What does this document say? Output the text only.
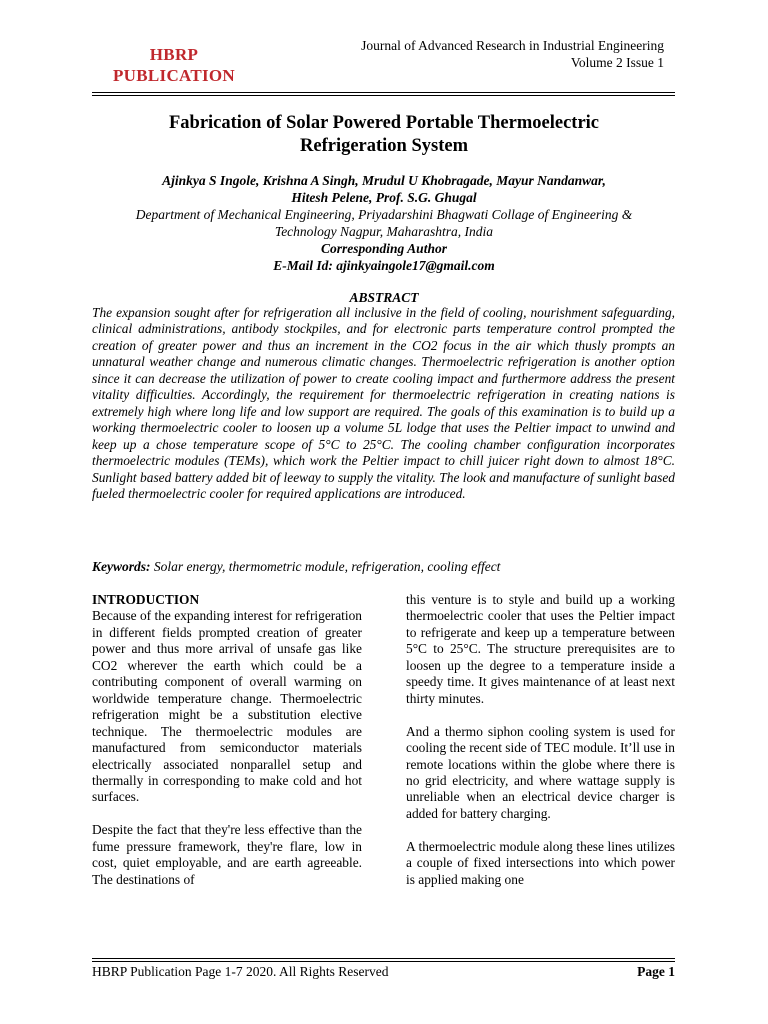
HBRP
PUBLICATION
Journal of Advanced Research in Industrial Engineering
Volume 2 Issue 1
Fabrication of Solar Powered Portable Thermoelectric
Refrigeration System
Ajinkya S Ingole, Krishna A Singh, Mrudul U Khobragade, Mayur Nandanwar,
Hitesh Pelene, Prof. S.G. Ghugal
Department of Mechanical Engineering, Priyadarshini Bhagwati Collage of Engineering &
Technology Nagpur, Maharashtra, India
Corresponding Author
E-Mail Id: ajinkyaingole17@gmail.com
ABSTRACT

The expansion sought after for refrigeration all inclusive in the field of cooling, nourishment safeguarding, clinical administrations, antibody stockpiles, and for electronic parts temperature control prompted the creation of greater power and thus an increment in the CO2 focus in the air which thusly prompts an unnatural weather change and numerous climatic changes. Thermoelectric refrigeration is another option since it can decrease the utilization of power to create cooling impact and furthermore address the present vitality difficulties. Accordingly, the requirement for thermoelectric refrigeration in creating nations is extremely high where long life and low support are required. The goals of this examination is to build up a working thermoelectric cooler to loosen up a volume 5L lodge that uses the Peltier impact to unwind and keep up a chose temperature scope of 5°C to 25°C. The cooling chamber configuration incorporates thermoelectric modules (TEMs), which work the Peltier impact to chill juicer right down to almost 18°C. Sunlight based battery added bit of leeway to supply the vitality. The look and manufacture of sunlight based fueled thermoelectric cooler for required applications are introduced.

Keywords: Solar energy, thermometric module, refrigeration, cooling effect
INTRODUCTION

Because of the expanding interest for refrigeration in different fields prompted creation of greater power and thus more arrival of unsafe gas like CO2 wherever the earth which could be a contributing component of overall warming on worldwide temperature change. Thermoelectric refrigeration might be a substitution elective technique. The thermoelectric modules are manufactured from semiconductor materials electrically associated nonparallel setup and thermally in corresponding to make cold and hot surfaces.

Despite the fact that they're less effective than the fume pressure framework, they're flare, low in cost, quiet employable, and are earth agreeable. The destinations of

this venture is to style and build up a working thermoelectric cooler that uses the Peltier impact to refrigerate and keep up a temperature between 5°C to 25°C. The structure prerequisites are to loosen up the degree to a temperature inside a speedy time. It gives maintenance of at least next thirty minutes.

And a thermo siphon cooling system is used for cooling the recent side of TEC module. It’ll use in remote locations within the globe where there is no grid electricity, and where wattage supply is unreliable when an electrical device charger is added for battery charging.

A thermoelectric module along these lines utilizes a couple of fixed intersections into which power is applied making one

HBRP Publication Page 1-7 2020. All Rights Reserved	Page 1
